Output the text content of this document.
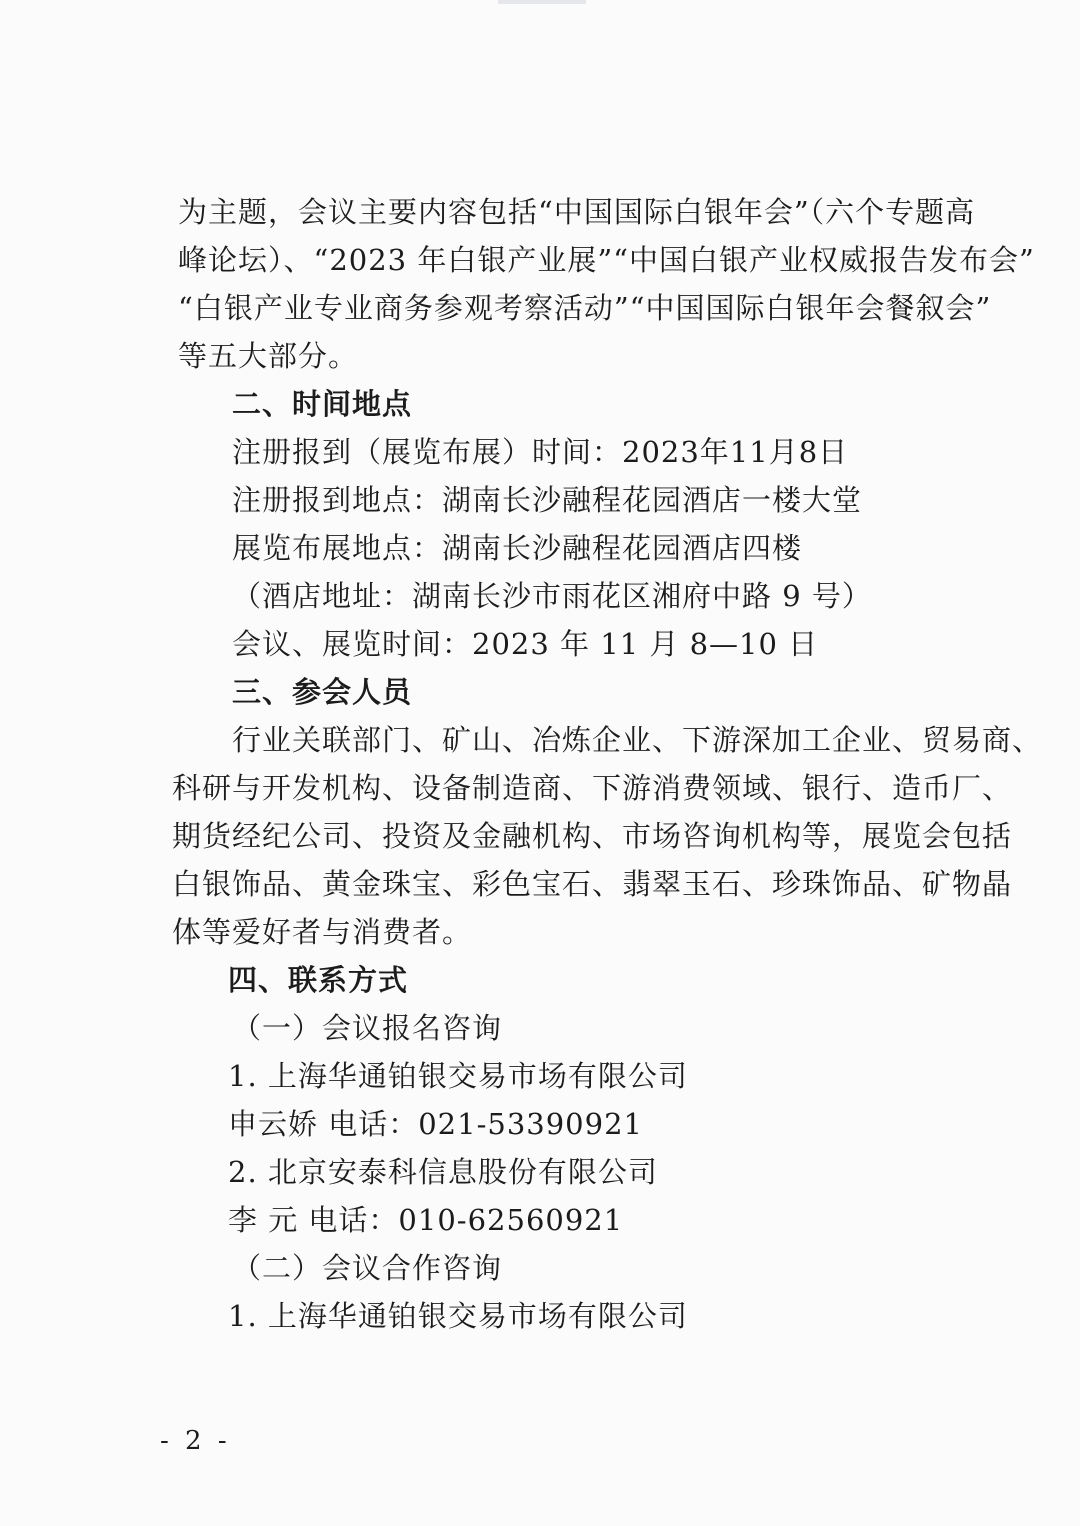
为主题，会议主要内容包括“中国国际白银年会”（六个专题高
峰论坛）、“2023 年白银产业展”“中国白银产业权威报告发布会”
“白银产业专业商务参观考察活动”“中国国际白银年会餐叙会”
等五大部分。
二、时间地点
注册报到（展览布展）时间：2023年11月8日
注册报到地点：湖南长沙融程花园酒店一楼大堂
展览布展地点：湖南长沙融程花园酒店四楼
（酒店地址：湖南长沙市雨花区湘府中路 9 号）
会议、展览时间：2023 年 11 月 8—10 日
三、参会人员
行业关联部门、矿山、冶炼企业、下游深加工企业、贸易商、
科研与开发机构、设备制造商、下游消费领域、银行、造币厂、
期货经纪公司、投资及金融机构、市场咨询机构等，展览会包括
白银饰品、黄金珠宝、彩色宝石、翡翠玉石、珍珠饰品、矿物晶
体等爱好者与消费者。
四、联系方式
（一）会议报名咨询
1. 上海华通铂银交易市场有限公司
申云娇 电话：021-53390921
2. 北京安泰科信息股份有限公司
李 元 电话：010-62560921
（二）会议合作咨询
1. 上海华通铂银交易市场有限公司
- 2 -
